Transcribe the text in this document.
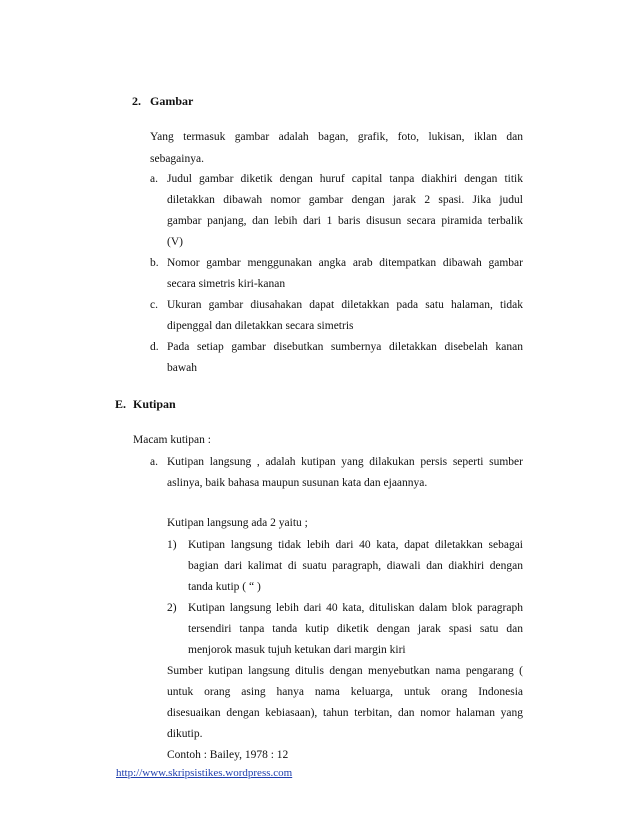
2. Gambar
Yang termasuk gambar adalah bagan, grafik, foto, lukisan, iklan dan
sebagainya.
a. Judul gambar diketik dengan huruf capital tanpa diakhiri dengan titik
diletakkan dibawah nomor gambar dengan jarak 2 spasi. Jika judul
gambar panjang, dan lebih dari 1 baris disusun secara piramida terbalik
(V)
b. Nomor gambar menggunakan angka arab ditempatkan dibawah gambar
secara simetris kiri-kanan
c. Ukuran gambar diusahakan dapat diletakkan pada satu halaman, tidak
dipenggal dan diletakkan secara simetris
d. Pada setiap gambar disebutkan sumbernya diletakkan disebelah kanan
bawah
E. Kutipan
Macam kutipan :
a. Kutipan langsung , adalah kutipan yang dilakukan persis seperti sumber
aslinya, baik bahasa maupun susunan kata dan ejaannya.
Kutipan langsung ada 2 yaitu ;
1) Kutipan langsung tidak lebih dari 40 kata, dapat diletakkan sebagai
bagian dari kalimat di suatu paragraph, diawali dan diakhiri dengan
tanda kutip ( “ )
2) Kutipan langsung lebih dari 40 kata, dituliskan dalam blok paragraph
tersendiri tanpa tanda kutip diketik dengan jarak spasi satu dan
menjorok masuk tujuh ketukan dari margin kiri
Sumber kutipan langsung ditulis dengan menyebutkan nama pengarang (
untuk orang asing hanya nama keluarga, untuk orang Indonesia
disesuaikan dengan kebiasaan), tahun terbitan, dan nomor halaman yang
dikutip.
Contoh : Bailey, 1978 : 12
http://www.skripsistikes.wordpress.com
